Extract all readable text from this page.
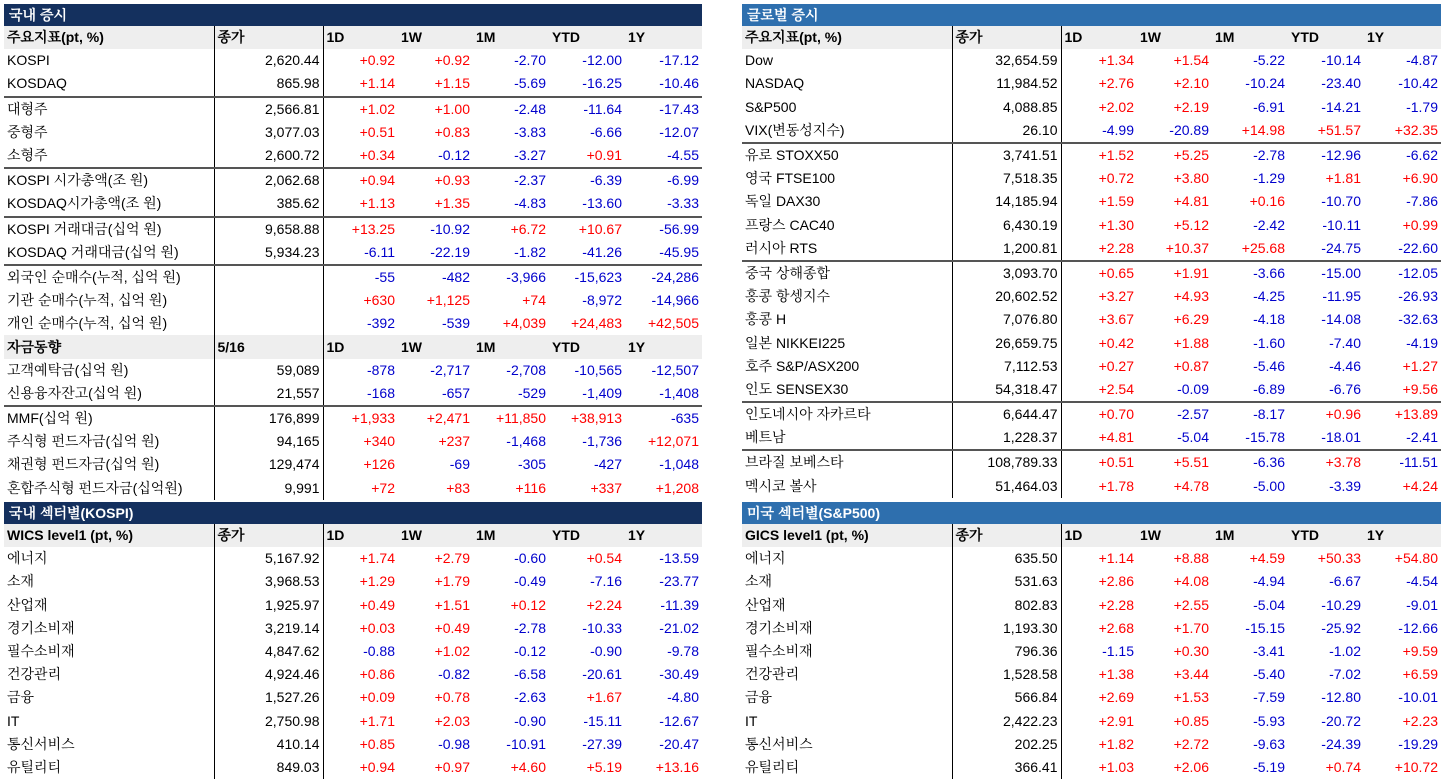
국내 증시
주요지표(pt, %)	종가	1D	1W	1M	YTD	1Y
KOSPI	2,620.44	+0.92	+0.92	-2.70	-12.00	-17.12
KOSDAQ	865.98	+1.14	+1.15	-5.69	-16.25	-10.46
대형주	2,566.81	+1.02	+1.00	-2.48	-11.64	-17.43
중형주	3,077.03	+0.51	+0.83	-3.83	-6.66	-12.07
소형주	2,600.72	+0.34	-0.12	-3.27	+0.91	-4.55
KOSPI 시가총액(조 원)	2,062.68	+0.94	+0.93	-2.37	-6.39	-6.99
KOSDAQ시가총액(조 원)	385.62	+1.13	+1.35	-4.83	-13.60	-3.33
KOSPI 거래대금(십억 원)	9,658.88	+13.25	-10.92	+6.72	+10.67	-56.99
KOSDAQ 거래대금(십억 원)	5,934.23	-6.11	-22.19	-1.82	-41.26	-45.95
외국인 순매수(누적, 십억 원)		-55	-482	-3,966	-15,623	-24,286
기관 순매수(누적, 십억 원)		+630	+1,125	+74	-8,972	-14,966
개인 순매수(누적, 십억 원)		-392	-539	+4,039	+24,483	+42,505
자금동향	5/16	1D	1W	1M	YTD	1Y
고객예탁금(십억 원)	59,089	-878	-2,717	-2,708	-10,565	-12,507
신용융자잔고(십억 원)	21,557	-168	-657	-529	-1,409	-1,408
MMF(십억 원)	176,899	+1,933	+2,471	+11,850	+38,913	-635
주식형 펀드자금(십억 원)	94,165	+340	+237	-1,468	-1,736	+12,071
채권형 펀드자금(십억 원)	129,474	+126	-69	-305	-427	-1,048
혼합주식형 펀드자금(십억원)	9,991	+72	+83	+116	+337	+1,208
글로벌 증시
주요지표(pt, %)	종가	1D	1W	1M	YTD	1Y
Dow	32,654.59	+1.34	+1.54	-5.22	-10.14	-4.87
NASDAQ	11,984.52	+2.76	+2.10	-10.24	-23.40	-10.42
S&P500	4,088.85	+2.02	+2.19	-6.91	-14.21	-1.79
VIX(변동성지수)	26.10	-4.99	-20.89	+14.98	+51.57	+32.35
유로 STOXX50	3,741.51	+1.52	+5.25	-2.78	-12.96	-6.62
영국 FTSE100	7,518.35	+0.72	+3.80	-1.29	+1.81	+6.90
독일 DAX30	14,185.94	+1.59	+4.81	+0.16	-10.70	-7.86
프랑스 CAC40	6,430.19	+1.30	+5.12	-2.42	-10.11	+0.99
러시아 RTS	1,200.81	+2.28	+10.37	+25.68	-24.75	-22.60
중국 상해종합	3,093.70	+0.65	+1.91	-3.66	-15.00	-12.05
홍콩 항셍지수	20,602.52	+3.27	+4.93	-4.25	-11.95	-26.93
홍콩 H	7,076.80	+3.67	+6.29	-4.18	-14.08	-32.63
일본 NIKKEI225	26,659.75	+0.42	+1.88	-1.60	-7.40	-4.19
호주 S&P/ASX200	7,112.53	+0.27	+0.87	-5.46	-4.46	+1.27
인도 SENSEX30	54,318.47	+2.54	-0.09	-6.89	-6.76	+9.56
인도네시아 자카르타	6,644.47	+0.70	-2.57	-8.17	+0.96	+13.89
베트남	1,228.37	+4.81	-5.04	-15.78	-18.01	-2.41
브라질 보베스타	108,789.33	+0.51	+5.51	-6.36	+3.78	-11.51
멕시코 볼사	51,464.03	+1.78	+4.78	-5.00	-3.39	+4.24
국내 섹터별(KOSPI)
WICS level1 (pt, %)	종가	1D	1W	1M	YTD	1Y
에너지	5,167.92	+1.74	+2.79	-0.60	+0.54	-13.59
소재	3,968.53	+1.29	+1.79	-0.49	-7.16	-23.77
산업재	1,925.97	+0.49	+1.51	+0.12	+2.24	-11.39
경기소비재	3,219.14	+0.03	+0.49	-2.78	-10.33	-21.02
필수소비재	4,847.62	-0.88	+1.02	-0.12	-0.90	-9.78
건강관리	4,924.46	+0.86	-0.82	-6.58	-20.61	-30.49
금융	1,527.26	+0.09	+0.78	-2.63	+1.67	-4.80
IT	2,750.98	+1.71	+2.03	-0.90	-15.11	-12.67
통신서비스	410.14	+0.85	-0.98	-10.91	-27.39	-20.47
유틸리티	849.03	+0.94	+0.97	+4.60	+5.19	+13.16
미국 섹터별(S&P500)
GICS level1 (pt, %)	종가	1D	1W	1M	YTD	1Y
에너지	635.50	+1.14	+8.88	+4.59	+50.33	+54.80
소재	531.63	+2.86	+4.08	-4.94	-6.67	-4.54
산업재	802.83	+2.28	+2.55	-5.04	-10.29	-9.01
경기소비재	1,193.30	+2.68	+1.70	-15.15	-25.92	-12.66
필수소비재	796.36	-1.15	+0.30	-3.41	-1.02	+9.59
건강관리	1,528.58	+1.38	+3.44	-5.40	-7.02	+6.59
금융	566.84	+2.69	+1.53	-7.59	-12.80	-10.01
IT	2,422.23	+2.91	+0.85	-5.93	-20.72	+2.23
통신서비스	202.25	+1.82	+2.72	-9.63	-24.39	-19.29
유틸리티	366.41	+1.03	+2.06	-5.19	+0.74	+10.72
